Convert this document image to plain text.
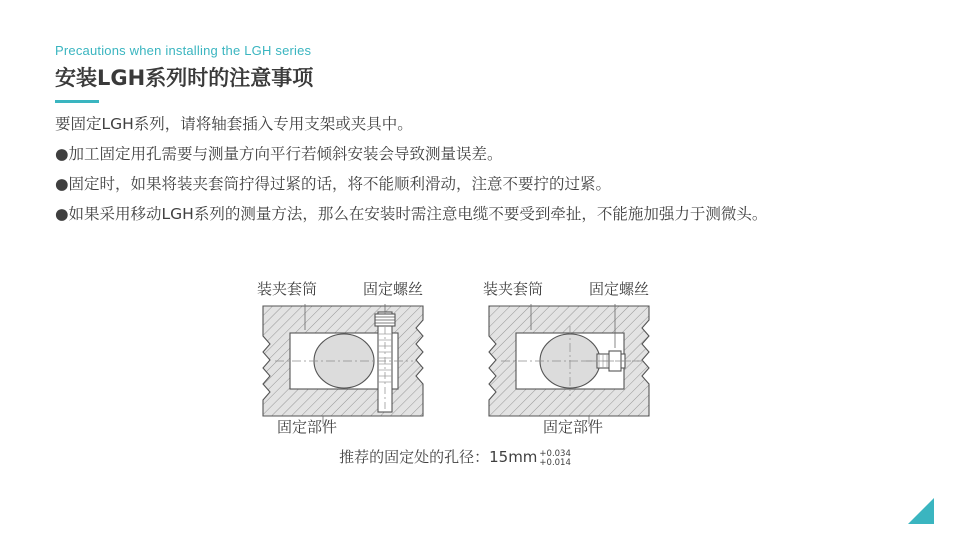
Precautions when installing the LGH series
安装LGH系列时的注意事项

要固定LGH系列，请将轴套插入专用支架或夹具中。

●加工固定用孔需要与测量方向平行若倾斜安装会导致测量误差。

●固定时，如果将装夹套筒拧得过紧的话，将不能顺利滑动，注意不要拧的过紧。

●如果采用移动LGH系列的测量方法，那么在安装时需注意电缆不要受到牵扯，不能施加强力于测微头。

装夹套筒	固定螺丝	装夹套筒	固定螺丝
固定部件	固定部件
推荐的固定处的孔径：15mm +0.034
+0.014
